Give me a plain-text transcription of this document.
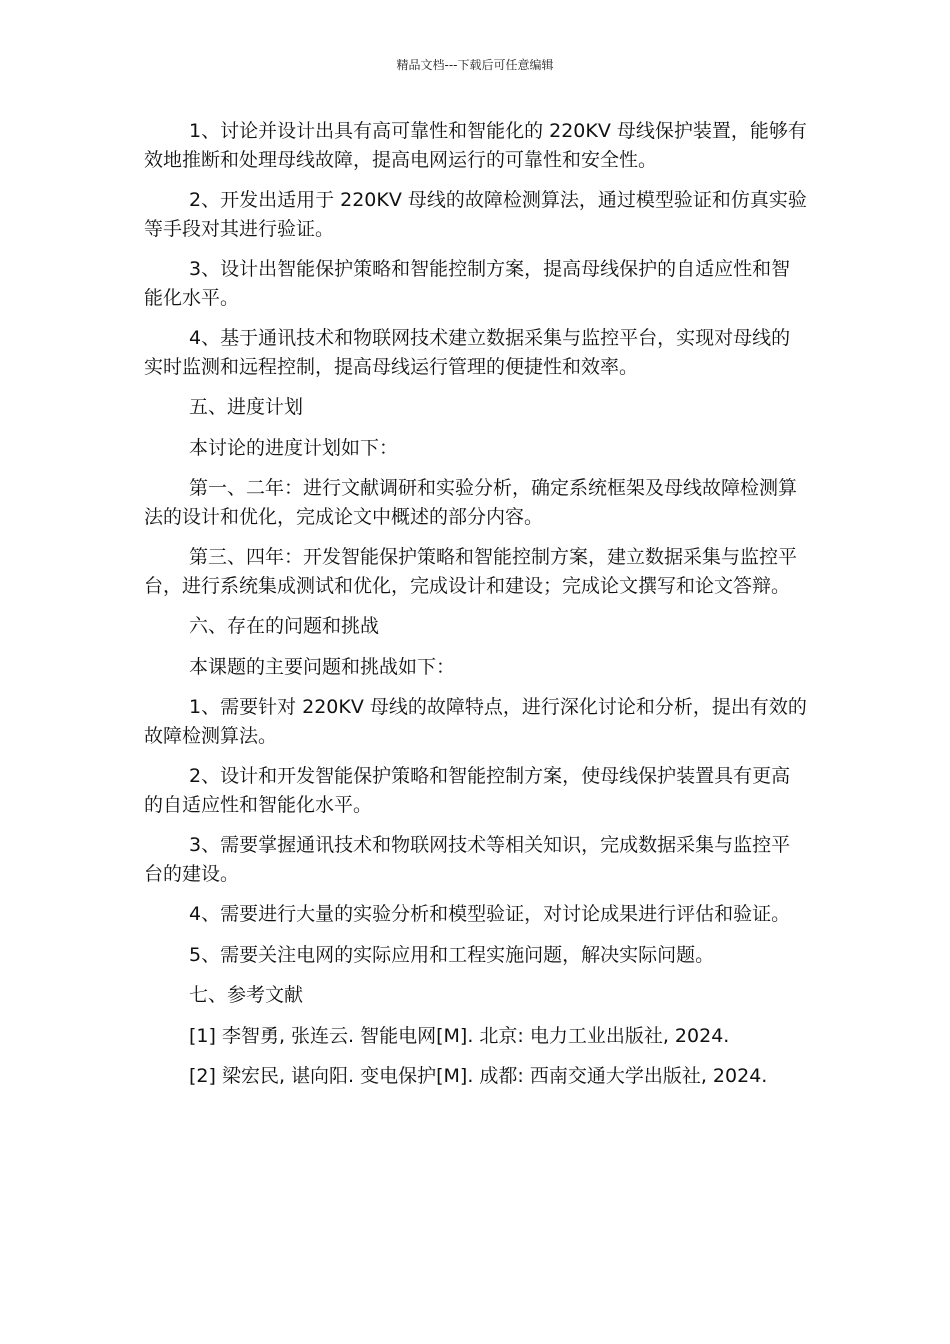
精品文档---下载后可任意编辑

1、讨论并设计出具有高可靠性和智能化的 220KV 母线保护装置，能够有效地推断和处理母线故障，提高电网运行的可靠性和安全性。

2、开发出适用于 220KV 母线的故障检测算法，通过模型验证和仿真实验等手段对其进行验证。

3、设计出智能保护策略和智能控制方案，提高母线保护的自适应性和智能化水平。

4、基于通讯技术和物联网技术建立数据采集与监控平台，实现对母线的实时监测和远程控制，提高母线运行管理的便捷性和效率。

五、进度计划

本讨论的进度计划如下：

第一、二年：进行文献调研和实验分析，确定系统框架及母线故障检测算法的设计和优化，完成论文中概述的部分内容。

第三、四年：开发智能保护策略和智能控制方案，建立数据采集与监控平台，进行系统集成测试和优化，完成设计和建设；完成论文撰写和论文答辩。

六、存在的问题和挑战

本课题的主要问题和挑战如下：

1、需要针对 220KV 母线的故障特点，进行深化讨论和分析，提出有效的故障检测算法。

2、设计和开发智能保护策略和智能控制方案，使母线保护装置具有更高的自适应性和智能化水平。

3、需要掌握通讯技术和物联网技术等相关知识，完成数据采集与监控平台的建设。

4、需要进行大量的实验分析和模型验证，对讨论成果进行评估和验证。

5、需要关注电网的实际应用和工程实施问题，解决实际问题。

七、参考文献

[1] 李智勇, 张连云. 智能电网[M]. 北京: 电力工业出版社, 2024.

[2] 梁宏民, 谌向阳. 变电保护[M]. 成都: 西南交通大学出版社, 2024.
